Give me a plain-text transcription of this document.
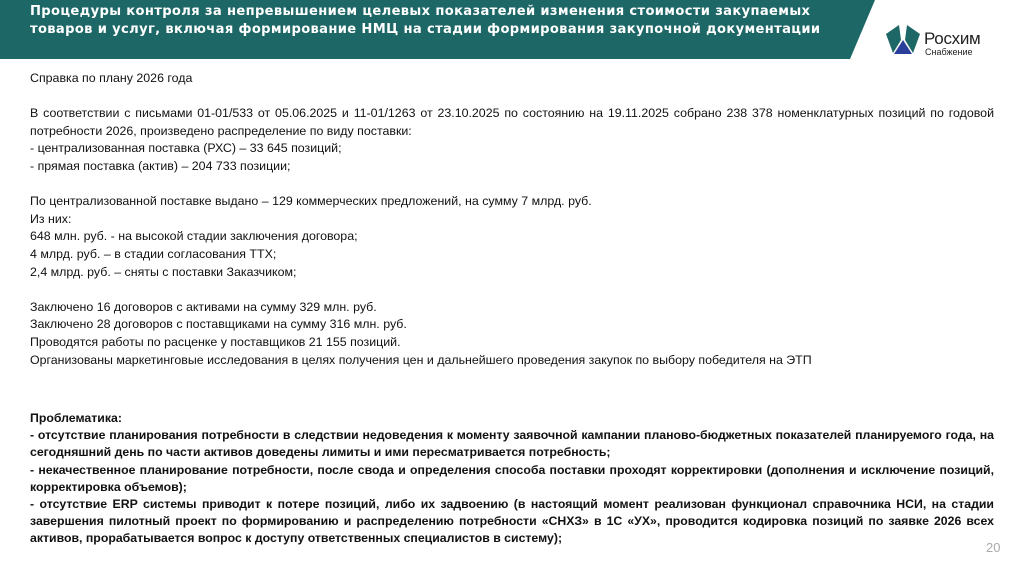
Процедуры контроля за непревышением целевых показателей изменения стоимости закупаемых товаров и услуг, включая формирование НМЦ на стадии формирования закупочной документации	Росхим
Снабжение

Справка по плану 2026 года

В соответствии с письмами 01-01/533 от 05.06.2025 и 11-01/1263 от 23.10.2025 по состоянию на 19.11.2025 собрано 238 378 номенклатурных позиций по годовой потребности 2026, произведено распределение по виду поставки:

- централизованная поставка (РХС) – 33 645 позиций;

- прямая поставка (актив) – 204 733 позиции;

По централизованной поставке выдано – 129 коммерческих предложений, на сумму 7 млрд. руб.

Из них:

648 млн. руб. - на высокой стадии заключения договора;

4 млрд. руб. – в стадии согласования ТТХ;

2,4 млрд. руб. – сняты с поставки Заказчиком;

Заключено 16 договоров с активами на сумму 329 млн. руб.

Заключено 28 договоров с поставщиками на сумму 316 млн. руб.

Проводятся работы по расценке у поставщиков 21 155 позиций.

Организованы маркетинговые исследования в целях получения цен и дальнейшего проведения закупок по выбору победителя на ЭТП

Проблематика:

- отсутствие планирования потребности в следствии недоведения к моменту заявочной кампании планово-бюджетных показателей планируемого года, на сегодняшний день по части активов доведены лимиты и ими пересматривается потребность;

- некачественное планирование потребности, после свода и определения способа поставки проходят корректировки (дополнения и исключение позиций, корректировка объемов);

- отсутствие ERP системы приводит к потере позиций, либо их задвоению (в настоящий момент реализован функционал справочника НСИ, на стадии завершения пилотный проект по формированию и распределению потребности «СНХЗ» в 1С «УХ», проводится кодировка позиций по заявке 2026 всех активов, прорабатывается вопрос к доступу ответственных специалистов в систему);

20
